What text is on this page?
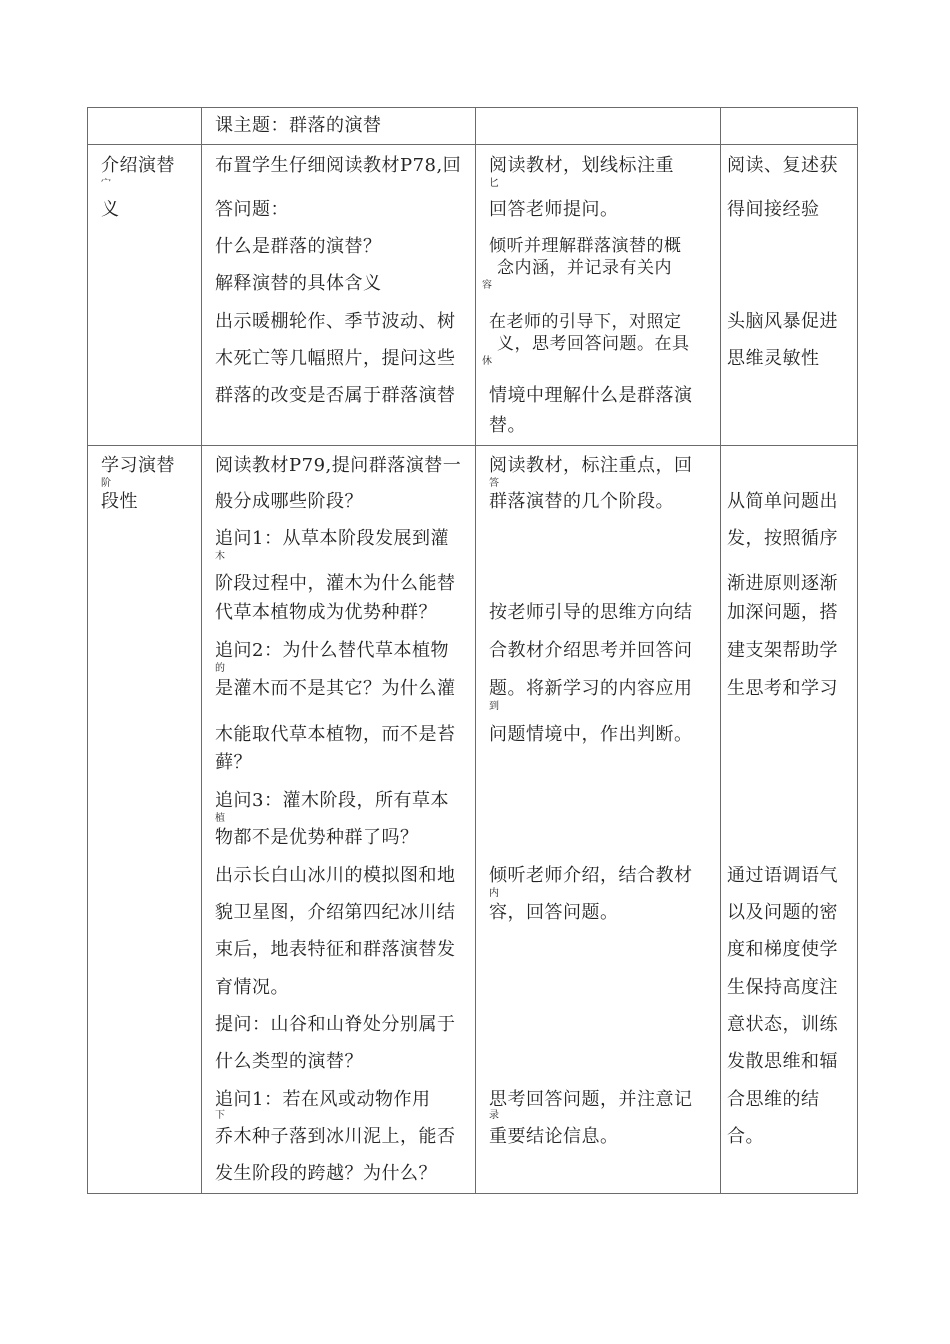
课主题：群落的演替
介绍演替
宀
义
布置学生仔细阅读教材P78,回
答问题：
什么是群落的演替？
解释演替的具体含义
出示暖棚轮作、季节波动、树
木死亡等几幅照片，提问这些
群落的改变是否属于群落演替
阅读教材，划线标注重
匕
回答老师提问。
倾听并理解群落演替的概
念内涵，并记录有关内
容
在老师的引导下，对照定
义，思考回答问题。在具
休
情境中理解什么是群落演
替。
阅读、复述获
得间接经验
头脑风暴促进
思维灵敏性
学习演替
阶
段性
阅读教材P79,提问群落演替一
般分成哪些阶段？
追问1：从草本阶段发展到灌
木
阶段过程中，灌木为什么能替
代草本植物成为优势种群？
追问2：为什么替代草本植物
的
是灌木而不是其它？为什么灌
木能取代草本植物，而不是苔
藓？
追问3：灌木阶段，所有草本
植
物都不是优势种群了吗？
出示长白山冰川的模拟图和地
貌卫星图，介绍第四纪冰川结
束后，地表特征和群落演替发
育情况。
提问：山谷和山脊处分别属于
什么类型的演替？
追问1：若在风或动物作用
下
乔木种子落到冰川泥上，能否
发生阶段的跨越？为什么？
阅读教材，标注重点，回
答
群落演替的几个阶段。
按老师引导的思维方向结
合教材介绍思考并回答问
题。将新学习的内容应用
到
问题情境中，作出判断。
倾听老师介绍，结合教材
内
容，回答问题。
思考回答问题，并注意记
录
重要结论信息。
从简单问题出
发，按照循序
渐进原则逐渐
加深问题，搭
建支架帮助学
生思考和学习
通过语调语气
以及问题的密
度和梯度使学
生保持高度注
意状态，训练
发散思维和辐
合思维的结
合。
